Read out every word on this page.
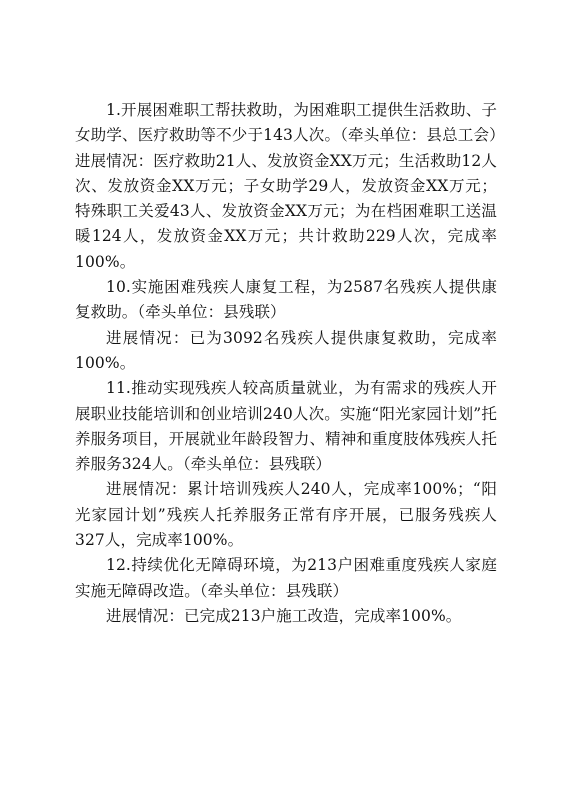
1.开展困难职工帮扶救助，为困难职工提供生活救助、子女助学、医疗救助等不少于143人次。（牵头单位：县总工会）进展情况：医疗救助21人、发放资金XX万元；生活救助12人次、发放资金XX万元；子女助学29人，发放资金XX万元；特殊职工关爱43人、发放资金XX万元；为在档困难职工送温暖124人，发放资金XX万元；共计救助229人次，完成率100%。

10.实施困难残疾人康复工程，为2587名残疾人提供康复救助。（牵头单位：县残联）

进展情况：已为3092名残疾人提供康复救助，完成率100%。

11.推动实现残疾人较高质量就业，为有需求的残疾人开展职业技能培训和创业培训240人次。实施“阳光家园计划”托养服务项目，开展就业年龄段智力、精神和重度肢体残疾人托养服务324人。（牵头单位：县残联）

进展情况：累计培训残疾人240人，完成率100%；“阳光家园计划”残疾人托养服务正常有序开展，已服务残疾人327人，完成率100%。

12.持续优化无障碍环境，为213户困难重度残疾人家庭实施无障碍改造。（牵头单位：县残联）

进展情况：已完成213户施工改造，完成率100%。
